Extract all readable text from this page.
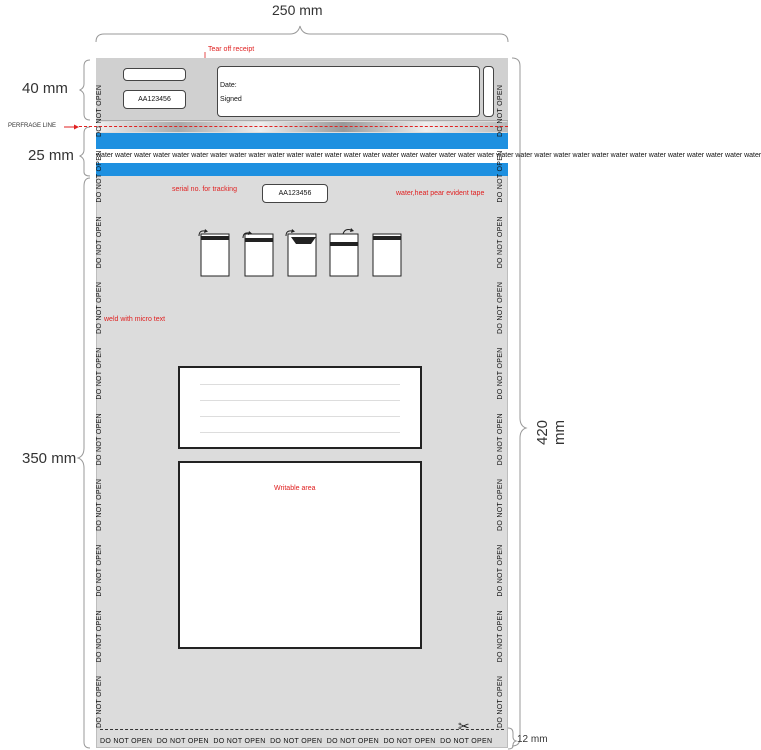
250 mm
40 mm
25 mm
350 mm
420 mm
12 mm
Tear off receipt
PERFRAGE LINE
AA123456
Date:
Signed
water water water water water water water water water water water water water water water water water water water water water water water water water water water water water water water water water water water
serial no. for tracking
AA123456	water,heat pear evident tape
DO NOT OPEN      DO NOT OPEN      DO NOT OPEN      DO NOT OPEN      DO NOT OPEN      DO NOT OPEN      DO NOT OPEN      DO NOT OPEN      DO NOT OPEN      DO NOT OPEN
DO NOT OPEN      DO NOT OPEN      DO NOT OPEN      DO NOT OPEN      DO NOT OPEN      DO NOT OPEN      DO NOT OPEN      DO NOT OPEN      DO NOT OPEN      DO NOT OPEN
weld with micro text
Writable area
✂
DO NOT OPEN DO NOT OPEN DO NOT OPEN DO NOT OPEN DO NOT OPEN DO NOT OPEN DO NOT OPEN
